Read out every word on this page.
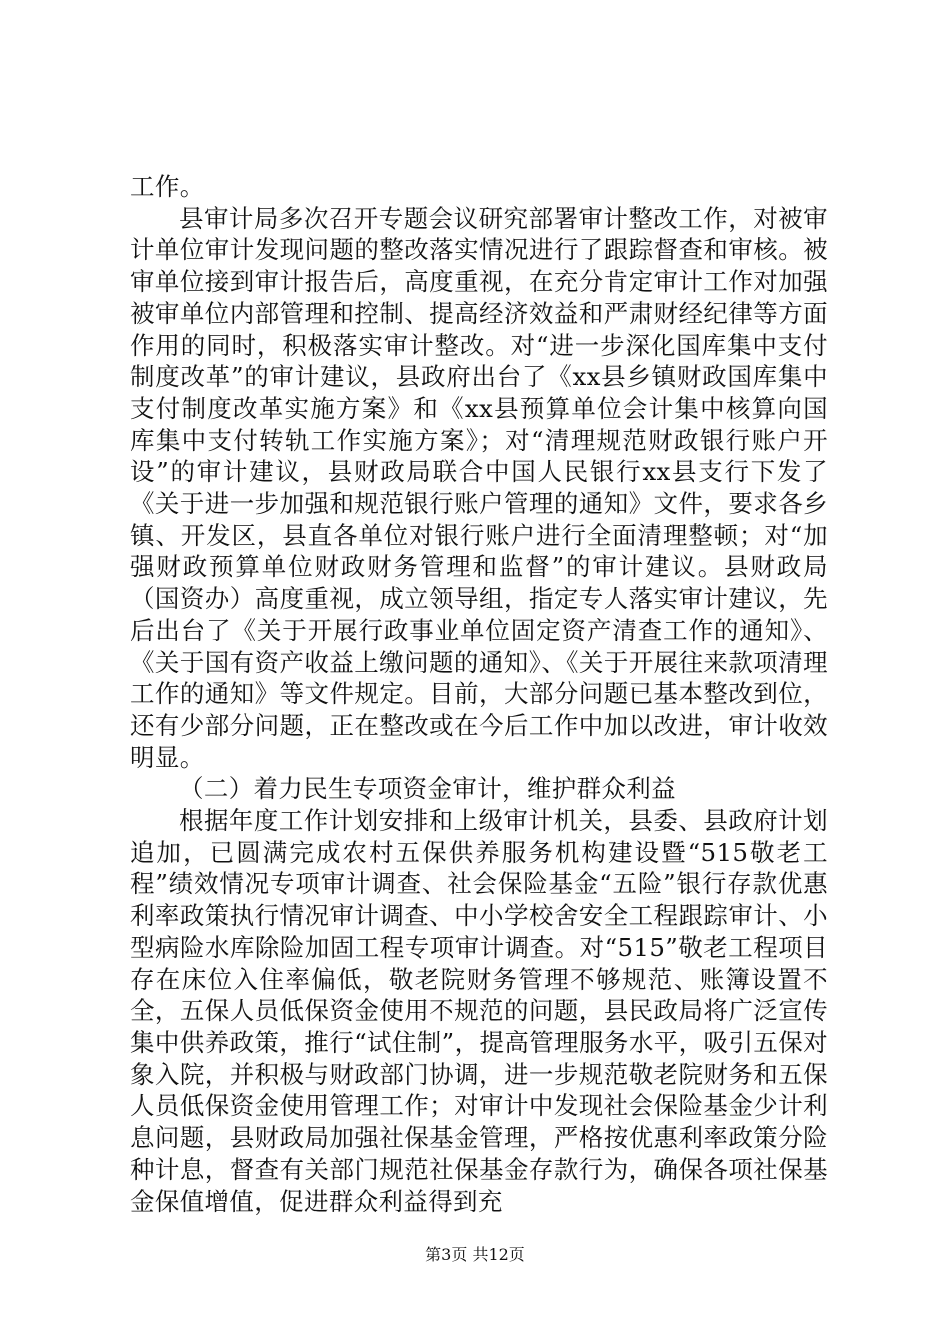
工作。

县审计局多次召开专题会议研究部署审计整改工作，对被审计单位审计发现问题的整改落实情况进行了跟踪督查和审核。被审单位接到审计报告后，高度重视，在充分肯定审计工作对加强被审单位内部管理和控制、提高经济效益和严肃财经纪律等方面作用的同时，积极落实审计整改。对“进一步深化国库集中支付制度改革”的审计建议，县政府出台了《xx县乡镇财政国库集中支付制度改革实施方案》和《xx县预算单位会计集中核算向国库集中支付转轨工作实施方案》；对“清理规范财政银行账户开设”的审计建议，县财政局联合中国人民银行xx县支行下发了《关于进一步加强和规范银行账户管理的通知》文件，要求各乡镇、开发区，县直各单位对银行账户进行全面清理整顿；对“加强财政预算单位财政财务管理和监督”的审计建议。县财政局（国资办）高度重视，成立领导组，指定专人落实审计建议，先后出台了《关于开展行政事业单位固定资产清查工作的通知》、《关于国有资产收益上缴问题的通知》、《关于开展往来款项清理工作的通知》等文件规定。目前，大部分问题已基本整改到位，还有少部分问题，正在整改或在今后工作中加以改进，审计收效明显。

（二）着力民生专项资金审计，维护群众利益

根据年度工作计划安排和上级审计机关，县委、县政府计划追加，已圆满完成农村五保供养服务机构建设暨“515敬老工程”绩效情况专项审计调查、社会保险基金“五险”银行存款优惠利率政策执行情况审计调查、中小学校舍安全工程跟踪审计、小型病险水库除险加固工程专项审计调查。对“515”敬老工程项目存在床位入住率偏低，敬老院财务管理不够规范、账簿设置不全，五保人员低保资金使用不规范的问题，县民政局将广泛宣传集中供养政策，推行“试住制”，提高管理服务水平，吸引五保对象入院，并积极与财政部门协调，进一步规范敬老院财务和五保人员低保资金使用管理工作；对审计中发现社会保险基金少计利息问题，县财政局加强社保基金管理，严格按优惠利率政策分险种计息，督查有关部门规范社保基金存款行为，确保各项社保基金保值增值，促进群众利益得到充

第3页 共12页
